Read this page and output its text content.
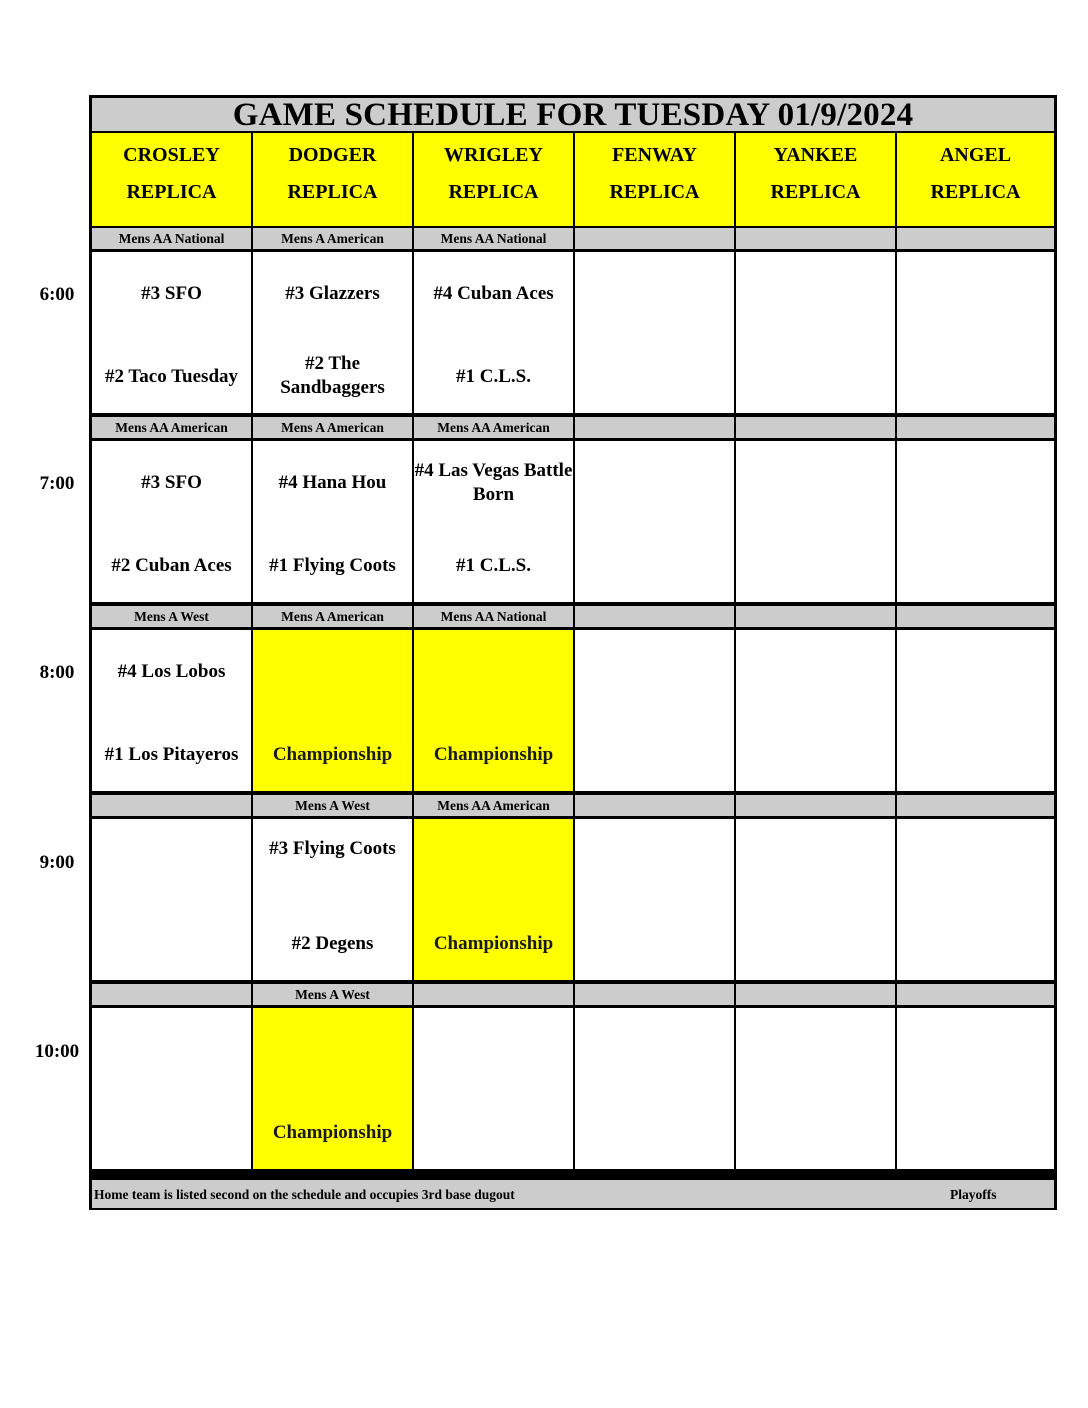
GAME SCHEDULE FOR TUESDAY 01/9/2024
Mens AA National
#3 SFO
#2 Taco Tuesday
Mens A American
#3 Glazzers
#2 The Sandbaggers
Mens AA National
#4 Cuban Aces
#1 C.L.S.
Mens AA American
#3 SFO
#2 Cuban Aces
Mens A American
#4 Hana Hou
#1 Flying Coots
Mens AA American
#4 Las Vegas Battle Born
#1 C.L.S.
Mens A West
#4 Los Lobos
#1 Los Pitayeros
Mens A American
Championship
Mens AA National
Championship
Mens A West
#3 Flying Coots
#2 Degens
Mens AA American
Championship
Mens A West
Championship
Home team is listed second on the schedule and occupies 3rd base dugout	Playoffs
CROSLEY
REPLICA
DODGER
REPLICA
WRIGLEY
REPLICA
FENWAY
REPLICA
YANKEE
REPLICA
ANGEL
REPLICA
6:00
7:00
8:00
9:00
10:00
